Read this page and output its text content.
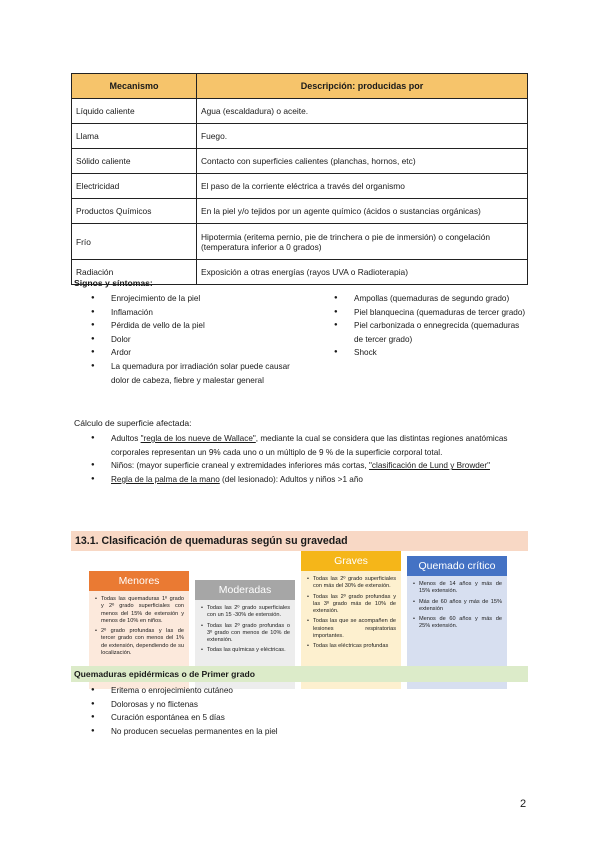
Mecanismo	Descripción: producidas por
Líquido caliente	Agua (escaldadura) o aceite.
Llama	Fuego.
Sólido caliente	Contacto con superficies calientes (planchas, hornos, etc)
Electricidad	El paso de la corriente eléctrica a través del organismo
Productos Químicos	En la piel y/o tejidos por un agente químico (ácidos o sustancias orgánicas)
Frío	Hipotermia (eritema pernio, pie de trinchera o pie de inmersión) o congelación (temperatura inferior a 0 grados)
Radiación	Exposición a otras energías (rayos UVA o Radioterapia)
Signos y síntomas:
● Enrojecimiento de la piel
● Inflamación
● Pérdida de vello de la piel
● Dolor
● Ardor
● La quemadura por irradiación solar puede causar dolor de cabeza, fiebre y malestar general
● Ampollas (quemaduras de segundo grado)
● Piel blanquecina (quemaduras de tercer grado)
● Piel carbonizada o ennegrecida (quemaduras de tercer grado)
● Shock
Cálculo de superficie afectada:
● Adultos "regla de los nueve de Wallace", mediante la cual se considera que las distintas regiones anatómicas corporales representan un 9% cada uno o un múltiplo de 9 % de la superficie corporal total.
● Niños: (mayor superficie craneal y extremidades inferiores más cortas, "clasificación de Lund y Browder"
● Regla de la palma de la mano (del lesionado): Adultos y niños >1 año
13.1. Clasificación de quemaduras según su gravedad
• Todas las quemaduras 1º grado y 2º grado superficiales con menos del 15% de extensión y menos de 10% en niños.
• 2º grado profundas y las de tercer grado con menos del 1% de extensión, dependiendo de su localización.
Menores
• Todas las 2º grado superficiales con un 15 -30% de extensión.
• Todas las 2º grado profundas o 3º grado con menos de 10% de extensión.
• Todas las químicas y eléctricas.
Moderadas
• Todas las 2º grado superficiales con más del 30% de extensión.
• Todas las 2º grado profundas y las 3º grado más de 10% de extensión.
• Todas las que se acompañen de lesiones respiratorias importantes.
• Todas las eléctricas profundas
Graves
• Menos de 14 años y más de 15% extensión.
• Más de 60 años y más de 15% extensión
• Menos de 60 años y más de 25% extensión.
Quemado crítico
Quemaduras epidérmicas o de Primer grado
● Eritema o enrojecimiento cutáneo
● Dolorosas y no flictenas
● Curación espontánea en 5 días
● No producen secuelas permanentes en la piel
2
